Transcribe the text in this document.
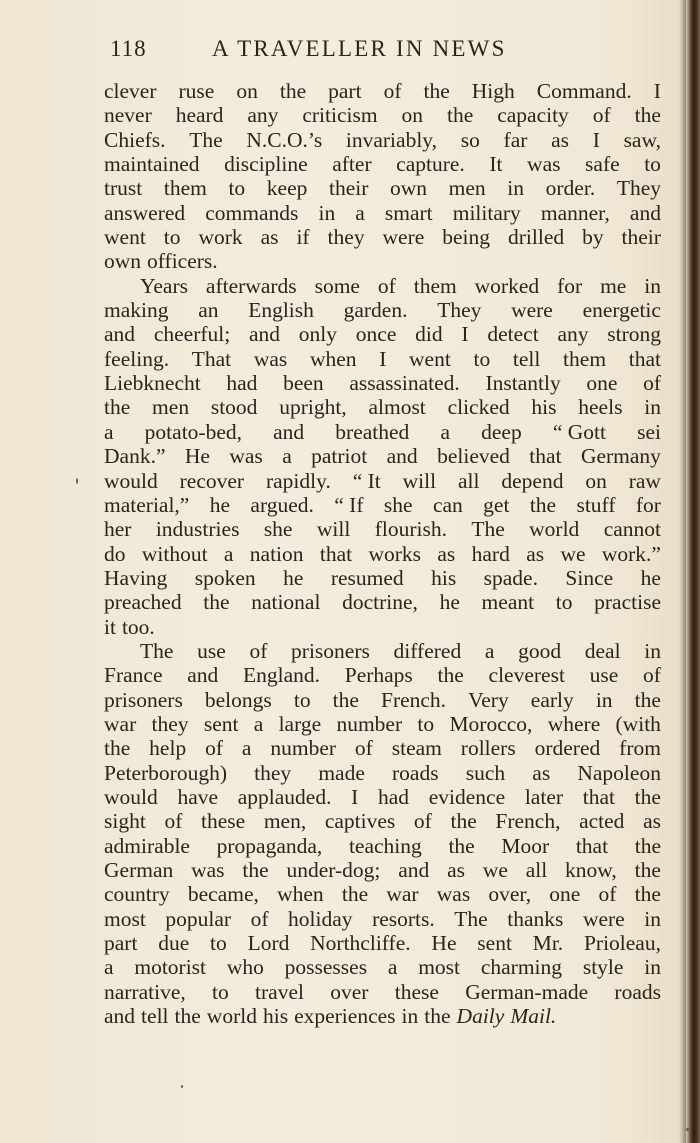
118	A TRAVELLER IN NEWS
clever ruse on the part of the High Command. I
never heard any criticism on the capacity of the
Chiefs. The N.C.O.’s invariably, so far as I saw,
maintained discipline after capture. It was safe to
trust them to keep their own men in order. They
answered commands in a smart military manner, and
went to work as if they were being drilled by their
own officers.
Years afterwards some of them worked for me in
making an English garden. They were energetic
and cheerful; and only once did I detect any strong
feeling. That was when I went to tell them that
Liebknecht had been assassinated. Instantly one of
the men stood upright, almost clicked his heels in
a potato-bed, and breathed a deep “ Gott sei
Dank.” He was a patriot and believed that Germany
would recover rapidly. “ It will all depend on raw
material,” he argued. “ If she can get the stuff for
her industries she will flourish. The world cannot
do without a nation that works as hard as we work.”
Having spoken he resumed his spade. Since he
preached the national doctrine, he meant to practise
it too.
The use of prisoners differed a good deal in
France and England. Perhaps the cleverest use of
prisoners belongs to the French. Very early in the
war they sent a large number to Morocco, where (with
the help of a number of steam rollers ordered from
Peterborough) they made roads such as Napoleon
would have applauded. I had evidence later that the
sight of these men, captives of the French, acted as
admirable propaganda, teaching the Moor that the
German was the under-dog; and as we all know, the
country became, when the war was over, one of the
most popular of holiday resorts. The thanks were in
part due to Lord Northcliffe. He sent Mr. Prioleau,
a motorist who possesses a most charming style in
narrative, to travel over these German-made roads
and tell the world his experiences in the Daily Mail.
